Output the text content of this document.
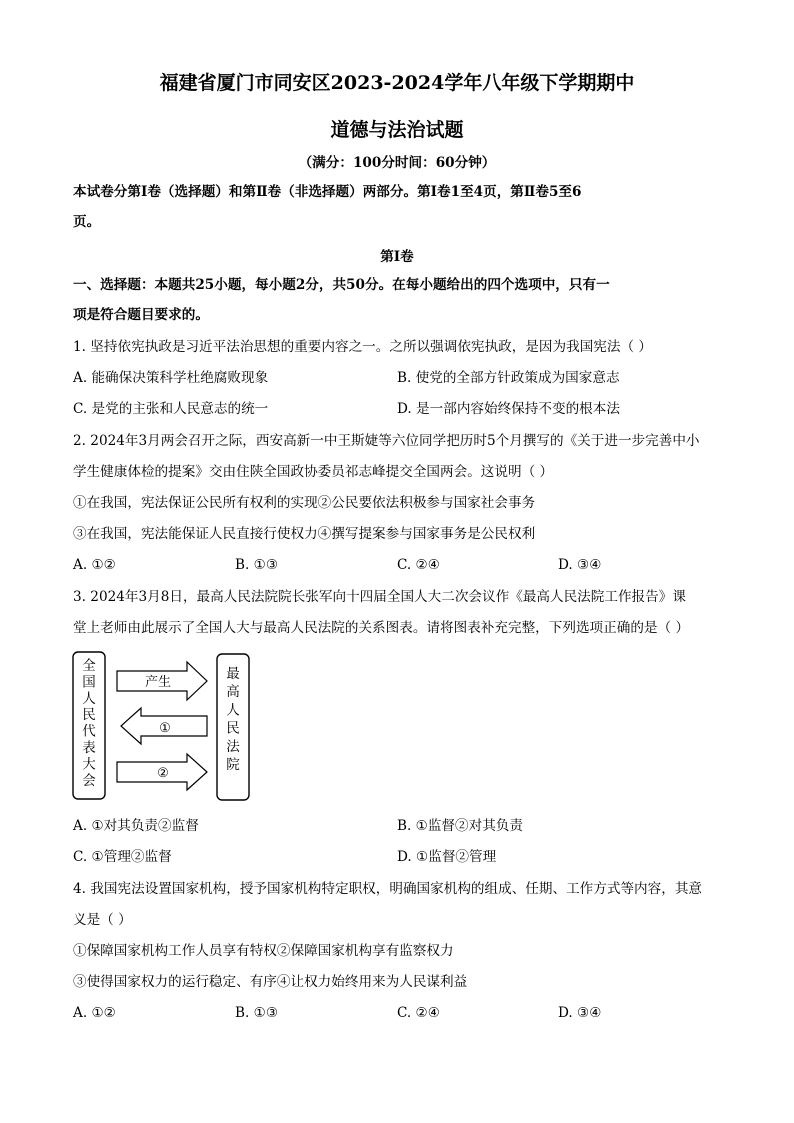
福建省厦门市同安区2023-2024学年八年级下学期期中
道德与法治试题
（满分：100分时间：60分钟）
本试卷分第Ⅰ卷（选择题）和第Ⅱ卷（非选择题）两部分。第Ⅰ卷1至4页，第Ⅱ卷5至6
页。
第Ⅰ卷
一、选择题：本题共25小题，每小题2分，共50分。在每小题给出的四个选项中，只有一
项是符合题目要求的。
1. 坚持依宪执政是习近平法治思想的重要内容之一。之所以强调依宪执政，是因为我国宪法（ ）
A. 能确保决策科学杜绝腐败现象	B. 使党的全部方针政策成为国家意志
C. 是党的主张和人民意志的统一	D. 是一部内容始终保持不变的根本法
2. 2024年3月两会召开之际，西安高新一中王斯婕等六位同学把历时5个月撰写的《关于进一步完善中小
学生健康体检的提案》交由住陕全国政协委员祁志峰提交全国两会。这说明（ ）
①在我国，宪法保证公民所有权利的实现②公民要依法积极参与国家社会事务
③在我国，宪法能保证人民直接行使权力④撰写提案参与国家事务是公民权利
A. ①②	B. ①③	C. ②④	D. ③④
3. 2024年3月8日，最高人民法院院长张军向十四届全国人大二次会议作《最高人民法院工作报告》课
堂上老师由此展示了全国人大与最高人民法院的关系图表。请将图表补充完整，下列选项正确的是（ ）
全国人民代表大会
最高人民法院
产生
①
②
A. ①对其负责②监督	B. ①监督②对其负责
C. ①管理②监督	D. ①监督②管理
4. 我国宪法设置国家机构，授予国家机构特定职权，明确国家机构的组成、任期、工作方式等内容，其意
义是（ ）
①保障国家机构工作人员享有特权②保障国家机构享有监察权力
③使得国家权力的运行稳定、有序④让权力始终用来为人民谋利益
A. ①②	B. ①③	C. ②④	D. ③④
